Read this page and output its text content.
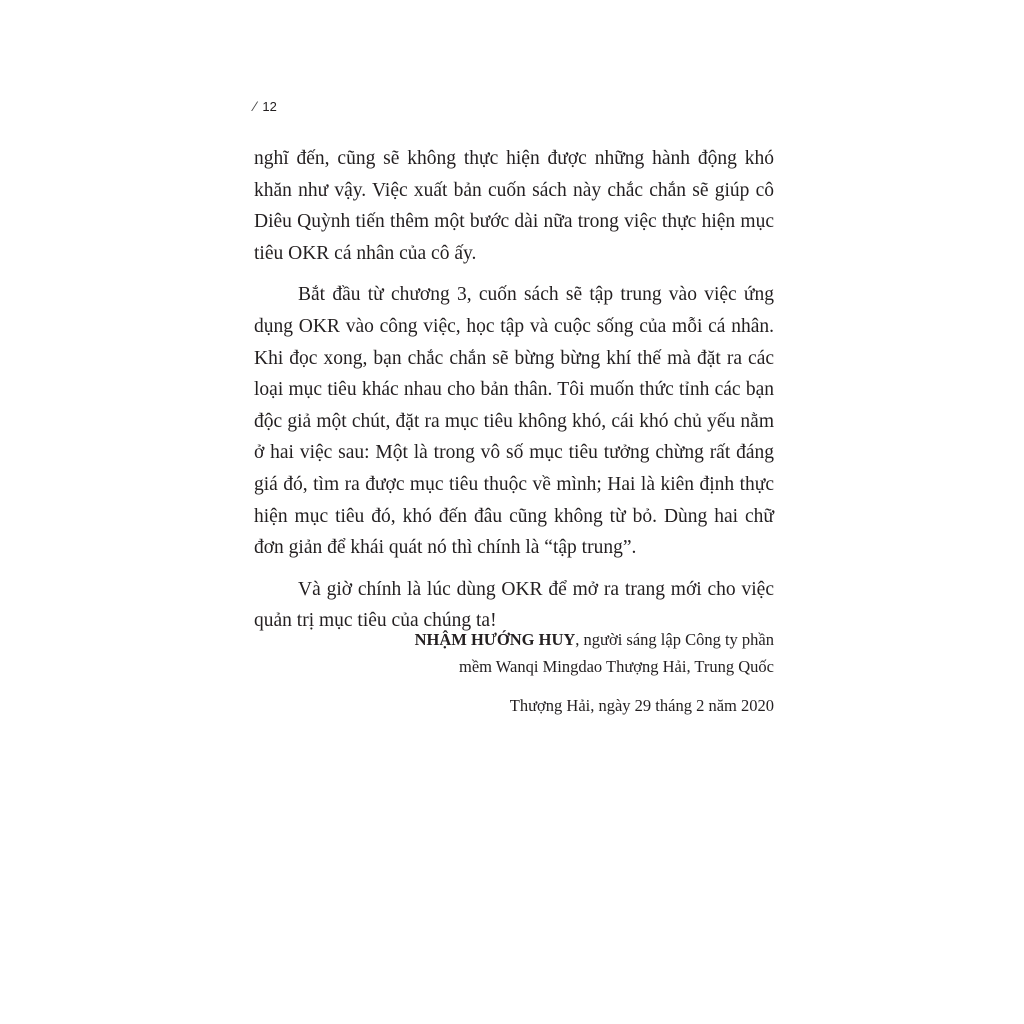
⁄ 12

nghĩ đến, cũng sẽ không thực hiện được những hành động khó khăn như vậy. Việc xuất bản cuốn sách này chắc chắn sẽ giúp cô Diêu Quỳnh tiến thêm một bước dài nữa trong việc thực hiện mục tiêu OKR cá nhân của cô ấy.

Bắt đầu từ chương 3, cuốn sách sẽ tập trung vào việc ứng dụng OKR vào công việc, học tập và cuộc sống của mỗi cá nhân. Khi đọc xong, bạn chắc chắn sẽ bừng bừng khí thế mà đặt ra các loại mục tiêu khác nhau cho bản thân. Tôi muốn thức tỉnh các bạn độc giả một chút, đặt ra mục tiêu không khó, cái khó chủ yếu nằm ở hai việc sau: Một là trong vô số mục tiêu tưởng chừng rất đáng giá đó, tìm ra được mục tiêu thuộc về mình; Hai là kiên định thực hiện mục tiêu đó, khó đến đâu cũng không từ bỏ. Dùng hai chữ đơn giản để khái quát nó thì chính là “tập trung”.

Và giờ chính là lúc dùng OKR để mở ra trang mới cho việc quản trị mục tiêu của chúng ta!

NHẬM HƯỚNG HUY, người sáng lập Công ty phần
mềm Wanqi Mingdao Thượng Hải, Trung Quốc
Thượng Hải, ngày 29 tháng 2 năm 2020
